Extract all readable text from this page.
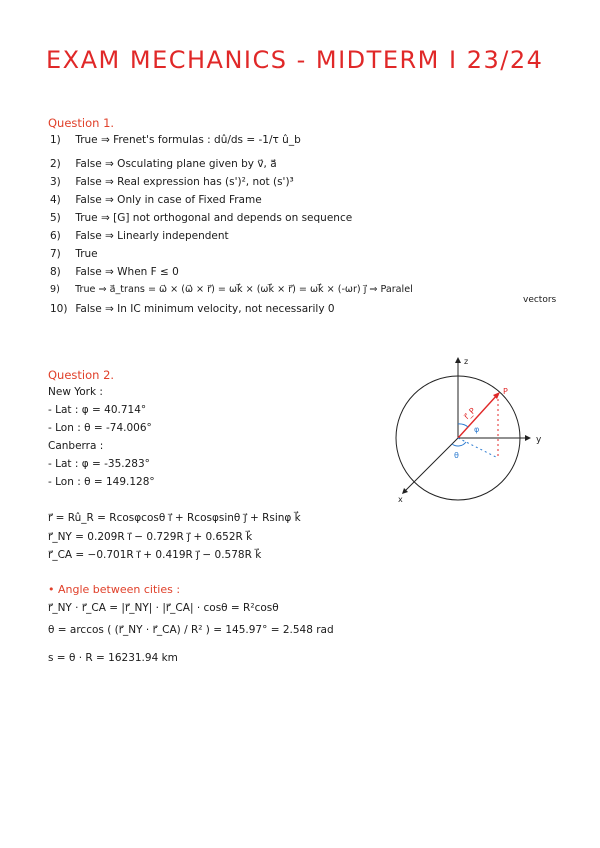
EXAM MECHANICS - MIDTERM I 23/24
Question 1.
1) True ⇒ Frenet's formulas : dû/ds = -1/τ û_b
2) False ⇒ Osculating plane given by v⃗, a⃗
3) False ⇒ Real expression has (s')², not (s')³
4) False ⇒ Only in case of Fixed Frame
5) True ⇒ [G] not orthogonal and depends on sequence
6) False ⇒ Linearly independent
7) True
8) False ⇒ When F ≤ 0
9) True ⇒ a⃗_trans = ω⃗ × (ω⃗ × r⃗) = ωk⃗ × (ωk⃗ × r⃗) = ωk⃗ × (-ωr) j⃗ ⇒ Paralel
vectors
10) False ⇒ In IC minimum velocity, not necessarily 0
Question 2.
New York :
- Lat : φ = 40.714°
- Lon : θ = -74.006°
Canberra :
- Lat : φ = -35.283°
- Lon : θ = 149.128°
r⃗ = Rû_R = Rcosφcosθ i⃗ + Rcosφsinθ j⃗ + Rsinφ k⃗
r⃗_NY = 0.209R i⃗ − 0.729R j⃗ + 0.652R k⃗
r⃗_CA = −0.701R i⃗ + 0.419R j⃗ − 0.578R k⃗
• Angle between cities :
r⃗_NY · r⃗_CA = |r⃗_NY| · |r⃗_CA| · cosθ = R²cosθ
θ = arccos ( (r⃗_NY · r⃗_CA) / R² ) = 145.97° = 2.548 rad
s = θ · R = 16231.94 km
z
y
x
P
r⃗_P
φ
θ
